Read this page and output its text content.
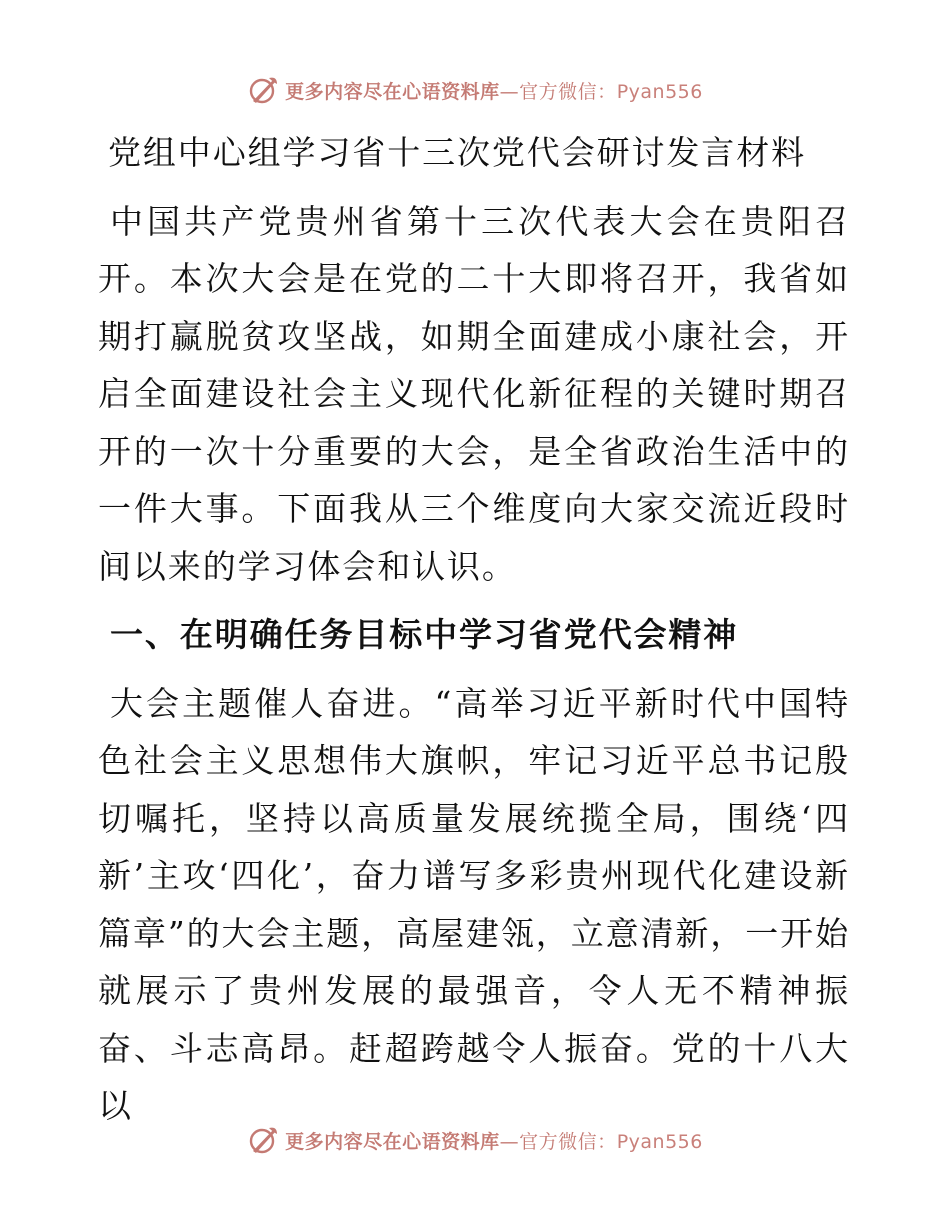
更多内容尽在心语资料库—官方微信：Pyan556
党组中心组学习省十三次党代会研讨发言材料

中国共产党贵州省第十三次代表大会在贵阳召开。本次大会是在党的二十大即将召开，我省如期打赢脱贫攻坚战，如期全面建成小康社会，开启全面建设社会主义现代化新征程的关键时期召开的一次十分重要的大会，是全省政治生活中的一件大事。下面我从三个维度向大家交流近段时间以来的学习体会和认识。

一、在明确任务目标中学习省党代会精神

大会主题催人奋进。“高举习近平新时代中国特色社会主义思想伟大旗帜，牢记习近平总书记殷切嘱托，坚持以高质量发展统揽全局，围绕‘四新’主攻‘四化’，奋力谱写多彩贵州现代化建设新篇章”的大会主题，高屋建瓴，立意清新，一开始就展示了贵州发展的最强音，令人无不精神振奋、斗志高昂。赶超跨越令人振奋。党的十八大以

更多内容尽在心语资料库—官方微信：Pyan556
